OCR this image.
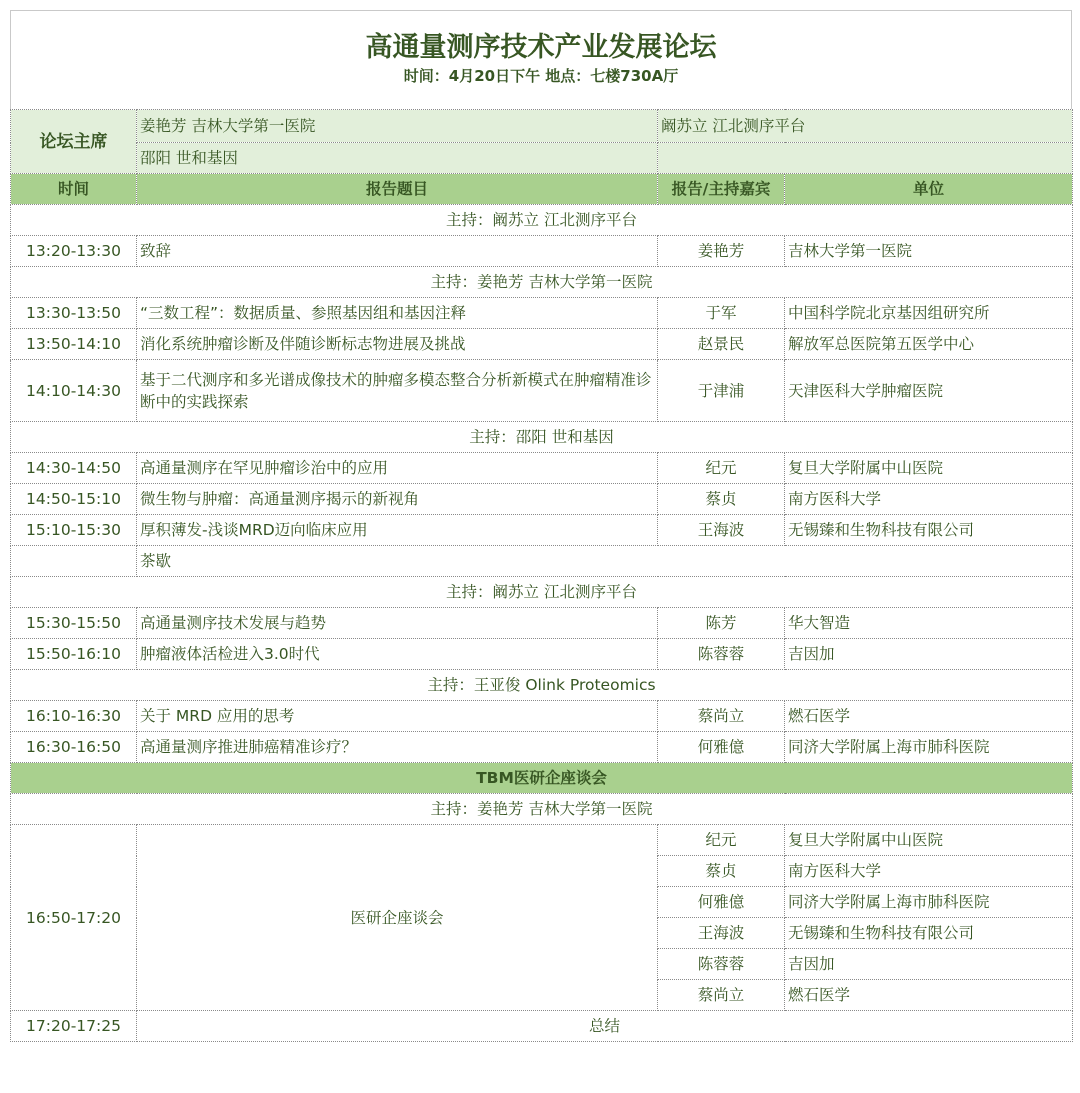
高通量测序技术产业发展论坛
时间：4月20日下午 地点：七楼730A厅
论坛主席	姜艳芳 吉林大学第一医院	阚苏立 江北测序平台	
	邵阳 世和基因		
时间	报告题目	报告/主持嘉宾	单位
主持：阚苏立 江北测序平台			
13:20-13:30	致辞	姜艳芳	吉林大学第一医院
主持：姜艳芳 吉林大学第一医院			
13:30-13:50	“三数工程”：数据质量、参照基因组和基因注释	于军	中国科学院北京基因组研究所
13:50-14:10	消化系统肿瘤诊断及伴随诊断标志物进展及挑战	赵景民	解放军总医院第五医学中心
14:10-14:30	基于二代测序和多光谱成像技术的肿瘤多模态整合分析新模式在肿瘤精准诊断中的实践探索	于津浦	天津医科大学肿瘤医院
主持：邵阳 世和基因			
14:30-14:50	高通量测序在罕见肿瘤诊治中的应用	纪元	复旦大学附属中山医院
14:50-15:10	微生物与肿瘤：高通量测序揭示的新视角	蔡贞	南方医科大学
15:10-15:30	厚积薄发-浅谈MRD迈向临床应用	王海波	无锡臻和生物科技有限公司
	茶歇		
主持：阚苏立 江北测序平台			
15:30-15:50	高通量测序技术发展与趋势	陈芳	华大智造
15:50-16:10	肿瘤液体活检进入3.0时代	陈蓉蓉	吉因加
主持：王亚俊 Olink Proteomics			
16:10-16:30	关于 MRD 应用的思考	蔡尚立	燃石医学
16:30-16:50	高通量测序推进肺癌精准诊疗？	何雅億	同济大学附属上海市肺科医院
TBM医研企座谈会			
主持：姜艳芳 吉林大学第一医院			
16:50-17:20	医研企座谈会	纪元	复旦大学附属中山医院
		蔡贞	南方医科大学
		何雅億	同济大学附属上海市肺科医院
		王海波	无锡臻和生物科技有限公司
		陈蓉蓉	吉因加
		蔡尚立	燃石医学
17:20-17:25	总结		
